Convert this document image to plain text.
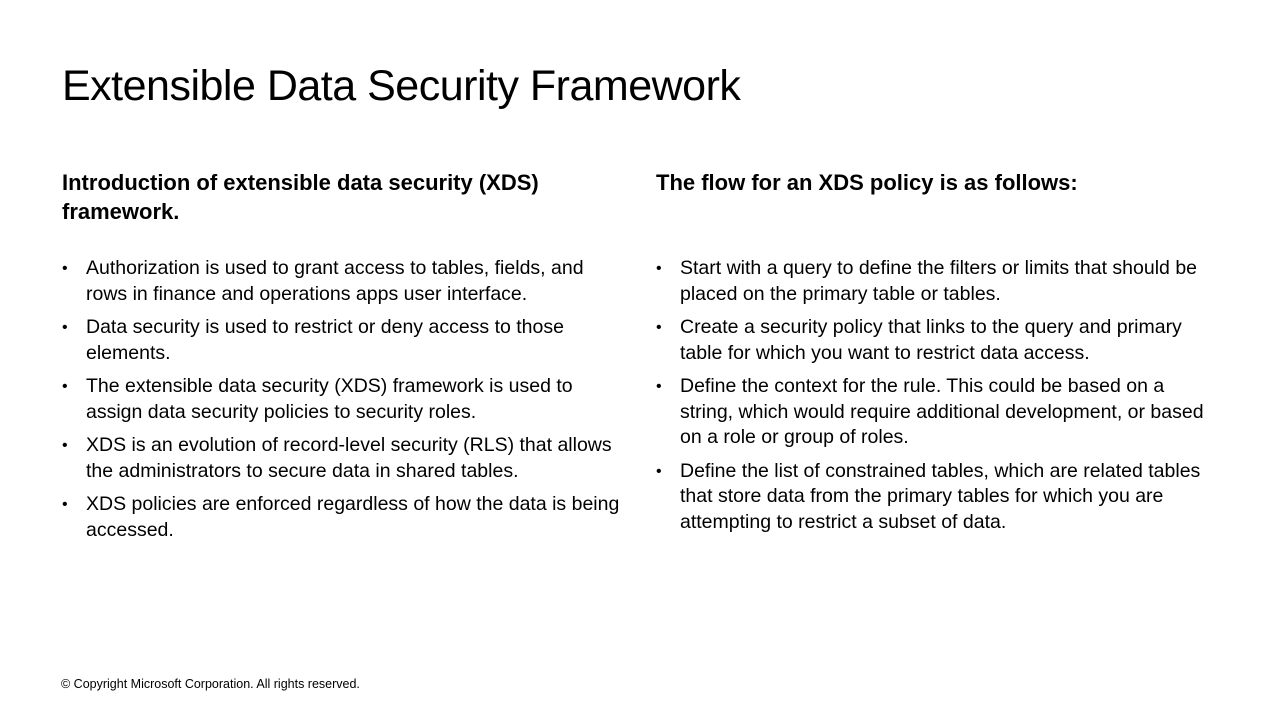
Extensible Data Security Framework
Introduction of extensible data security (XDS) framework.
• Authorization is used to grant access to tables, fields, and rows in finance and operations apps user interface.
• Data security is used to restrict or deny access to those elements.
• The extensible data security (XDS) framework is used to assign data security policies to security roles.
• XDS is an evolution of record-level security (RLS) that allows the administrators to secure data in shared tables.
• XDS policies are enforced regardless of how the data is being accessed.
The flow for an XDS policy is as follows:
• Start with a query to define the filters or limits that should be placed on the primary table or tables.
• Create a security policy that links to the query and primary table for which you want to restrict data access.
• Define the context for the rule. This could be based on a string, which would require additional development, or based on a role or group of roles.
• Define the list of constrained tables, which are related tables that store data from the primary tables for which you are attempting to restrict a subset of data.
© Copyright Microsoft Corporation. All rights reserved.
